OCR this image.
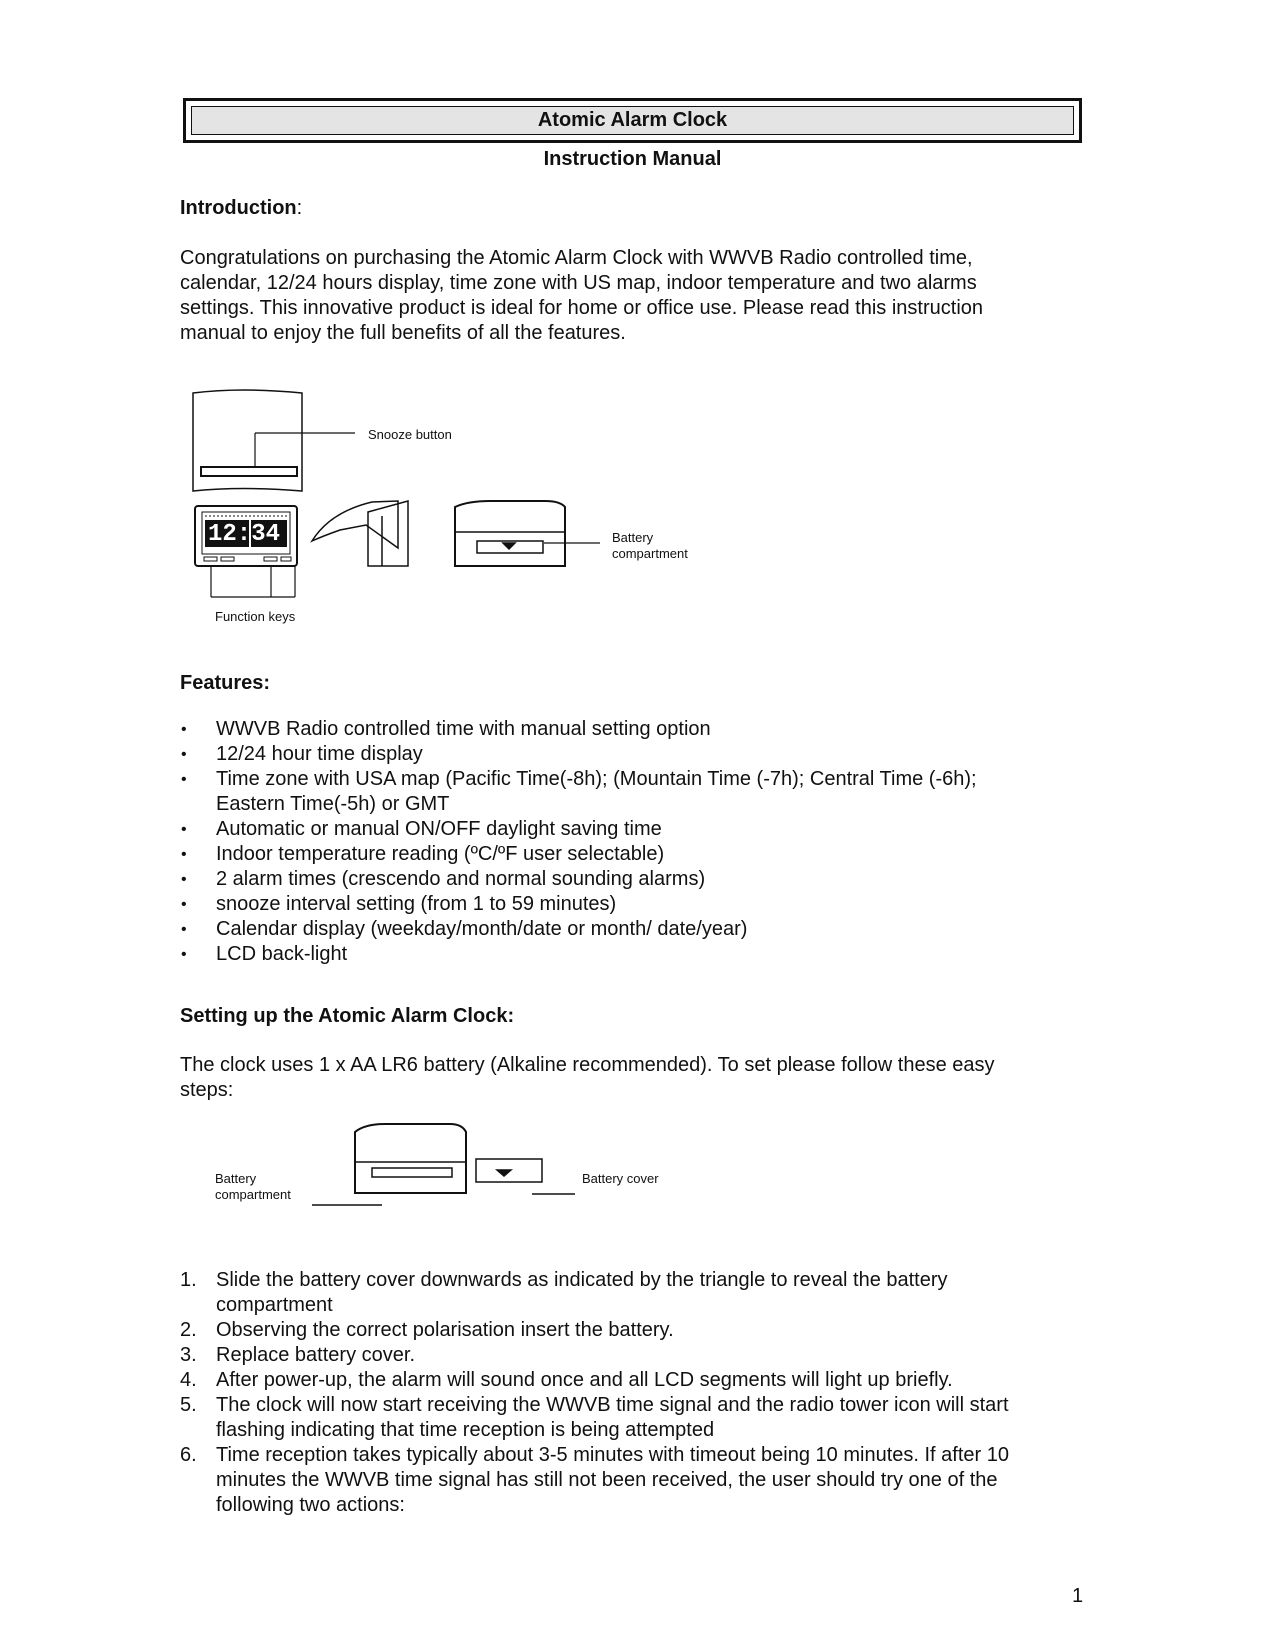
Atomic Alarm Clock
Instruction Manual
Introduction:
Congratulations on purchasing the Atomic Alarm Clock with WWVB Radio controlled time,
calendar, 12/24 hours display, time zone with US map, indoor temperature and two alarms
settings. This innovative product is ideal for home or office use. Please read this instruction
manual to enjoy the full benefits of all the features.
12:34
Snooze button
Battery
compartment
Function keys
Features:
• WWVB Radio controlled time with manual setting option
• 12/24 hour time display
• Time zone with USA map (Pacific Time(-8h); (Mountain Time (-7h); Central Time (-6h);
Eastern Time(-5h) or GMT
• Automatic or manual ON/OFF daylight saving time
• Indoor temperature reading (ºC/ºF user selectable)
• 2 alarm times (crescendo and normal sounding alarms)
• snooze interval setting (from 1 to 59 minutes)
• Calendar display (weekday/month/date or month/ date/year)
• LCD back-light
Setting up the Atomic Alarm Clock:
The clock uses 1 x AA LR6 battery (Alkaline recommended). To set please follow these easy
steps:
Battery
compartment
Battery cover
1. Slide the battery cover downwards as indicated by the triangle to reveal the battery
compartment
2. Observing the correct polarisation insert the battery.
3. Replace battery cover.
4. After power-up, the alarm will sound once and all LCD segments will light up briefly.
5. The clock will now start receiving the WWVB time signal and the radio tower icon will start
flashing indicating that time reception is being attempted
6. Time reception takes typically about 3-5 minutes with timeout being 10 minutes. If after 10
minutes the WWVB time signal has still not been received, the user should try one of the
following two actions:
1
